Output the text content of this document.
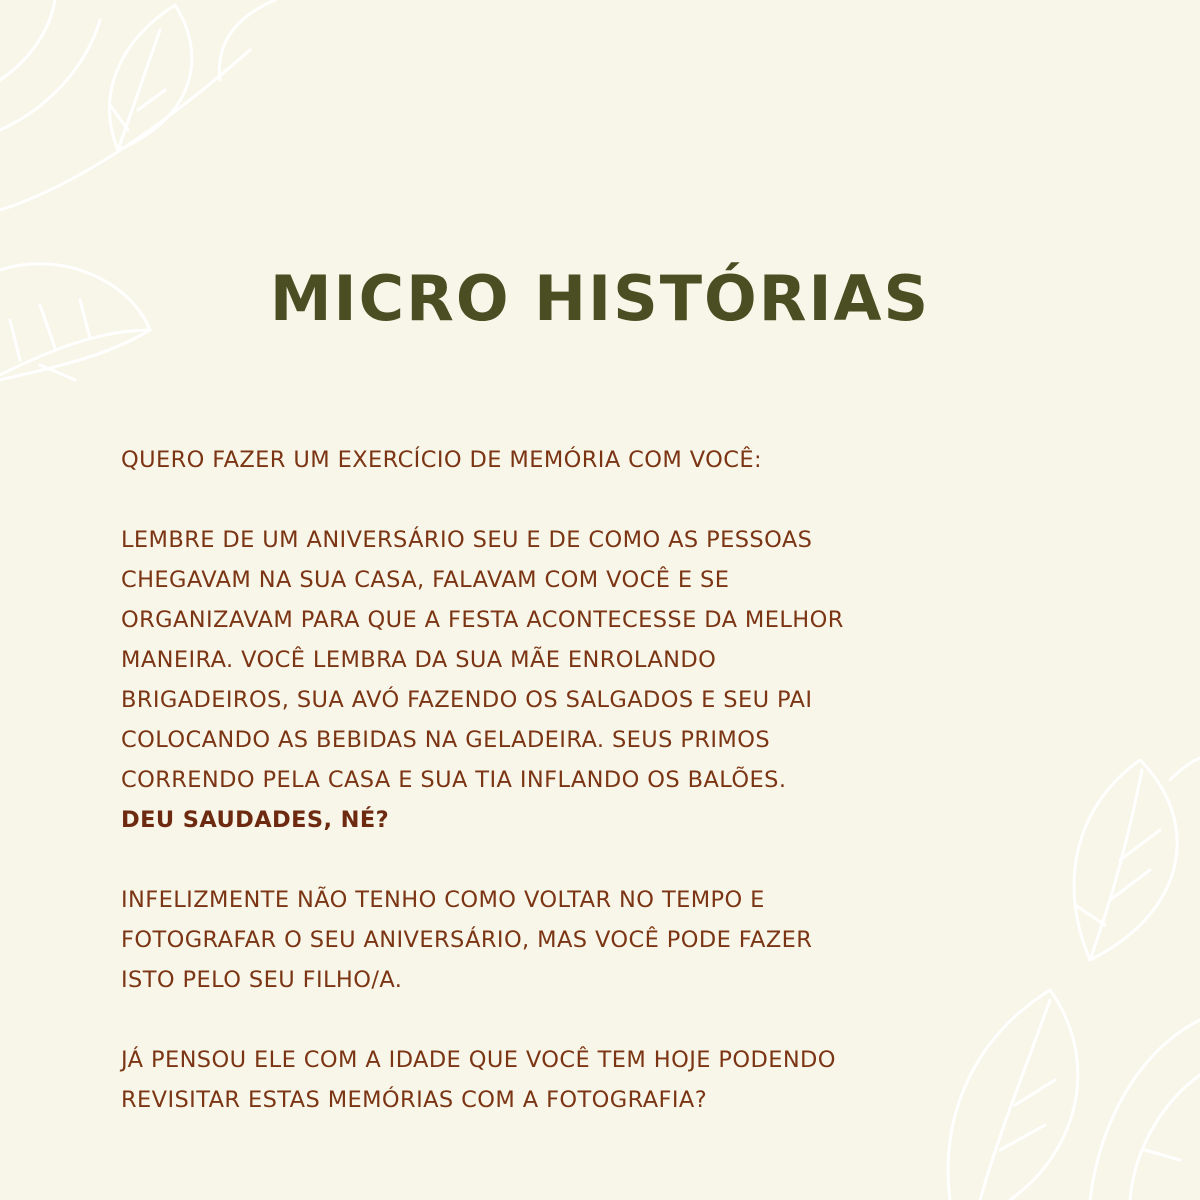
MICRO HISTÓRIAS
QUERO FAZER UM EXERCÍCIO DE MEMÓRIA COM VOCÊ:
LEMBRE DE UM ANIVERSÁRIO SEU E DE COMO AS PESSOAS
CHEGAVAM NA SUA CASA, FALAVAM COM VOCÊ E SE
ORGANIZAVAM PARA QUE A FESTA ACONTECESSE DA MELHOR
MANEIRA. VOCÊ LEMBRA DA SUA MÃE ENROLANDO
BRIGADEIROS, SUA AVÓ FAZENDO OS SALGADOS E SEU PAI
COLOCANDO AS BEBIDAS NA GELADEIRA. SEUS PRIMOS
CORRENDO PELA CASA E SUA TIA INFLANDO OS BALÕES.
DEU SAUDADES, NÉ?
INFELIZMENTE NÃO TENHO COMO VOLTAR NO TEMPO E
FOTOGRAFAR O SEU ANIVERSÁRIO, MAS VOCÊ PODE FAZER
ISTO PELO SEU FILHO/A.
JÁ PENSOU ELE COM A IDADE QUE VOCÊ TEM HOJE PODENDO
REVISITAR ESTAS MEMÓRIAS COM A FOTOGRAFIA?
